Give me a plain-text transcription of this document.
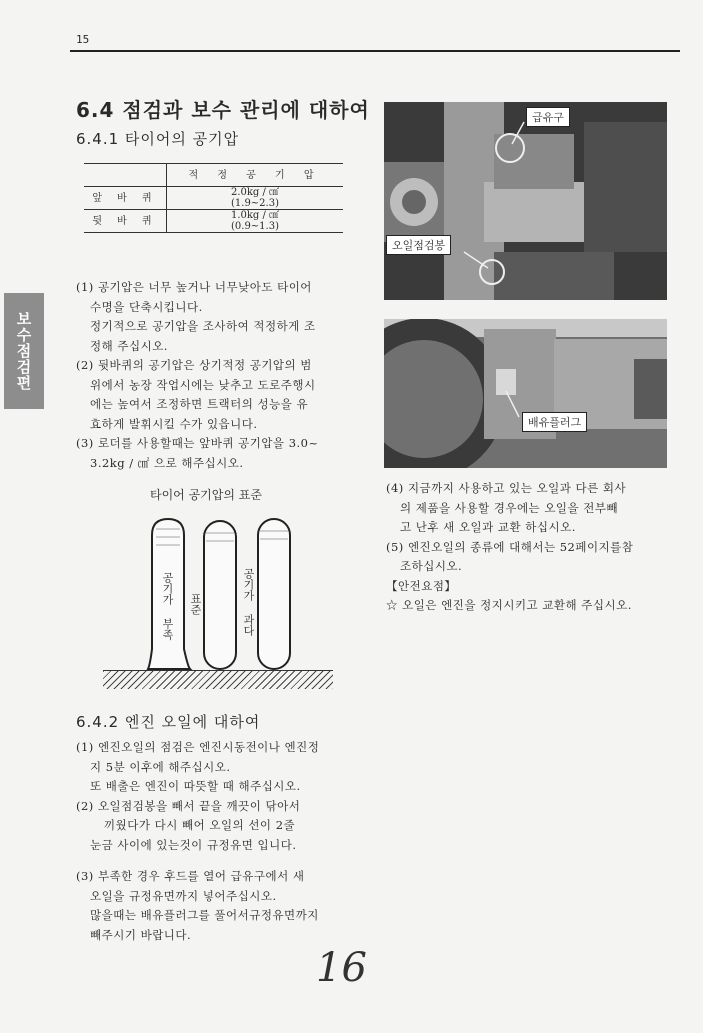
15
보수점검편
6.4 점검과 보수 관리에 대하여
6.4.1 타이어의 공기압
	적 정 공 기 압
앞 바 퀴	2.0kg / ㎠
(1.9~2.3)

뒷 바 퀴	1.0kg / ㎠
(0.9~1.3)
(1) 공기압은 너무 높거나 너무낮아도 타이어
수명을 단축시킵니다.
정기적으로 공기압을 조사하여 적정하게 조
정해 주십시오.
(2) 뒷바퀴의 공기압은 상기적정 공기압의 범
위에서 농장 작업시에는 낮추고 도로주행시
에는 높여서 조정하면 트랙터의 성능을 유
효하게 발휘시킬 수가 있읍니다.
(3) 로더를 사용할때는 앞바퀴 공기압을 3.0~
3.2kg / ㎠ 으로 해주십시오.
타이어 공기압의 표준
공기가 부족 표준	공기가 과다
급유구
오일점검봉
배유플러그
(4) 지금까지 사용하고 있는 오일과 다른 회사
의 제품을 사용할 경우에는 오일을 전부빼
고 난후 새 오일과 교환 하십시오.
(5) 엔진오일의 종류에 대해서는 52페이지를참
조하십시오.
【안전요점】
☆ 오일은 엔진을 정지시키고 교환해 주십시오.
6.4.2 엔진 오일에 대하여
(1) 엔진오일의 점검은 엔진시동전이나 엔진정
지 5분 이후에 해주십시오.
또 배출은 엔진이 따뜻할 때 해주십시오.
(2) 오일점검봉을 빼서 끝을 깨끗이 닦아서
끼웠다가 다시 빼어 오일의 선이 2줄
눈금 사이에 있는것이 규정유면 입니다.
(3) 부족한 경우 후드를 열어 급유구에서 새
오일을 규정유면까지 넣어주십시오.
많을때는 배유플러그를 풀어서규정유면까지
빼주시기 바랍니다.
16
